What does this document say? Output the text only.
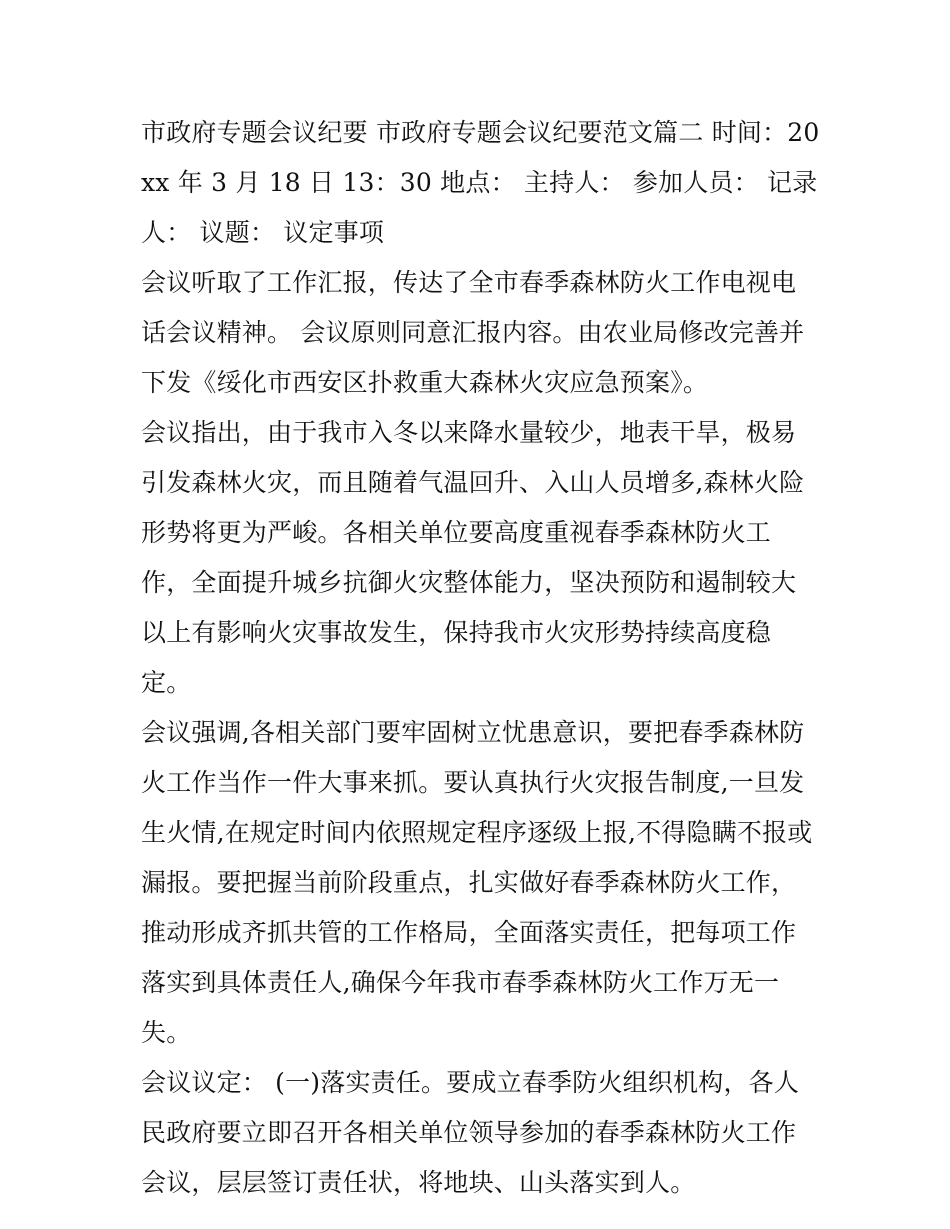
市政府专题会议纪要 市政府专题会议纪要范文篇二 时间：20xx 年 3 月 18 日 13：30 地点： 主持人： 参加人员： 记录人： 议题： 议定事项

会议听取了工作汇报，传达了全市春季森林防火工作电视电话会议精神。 会议原则同意汇报内容。由农业局修改完善并下发《绥化市西安区扑救重大森林火灾应急预案》。

会议指出，由于我市入冬以来降水量较少，地表干旱，极易引发森林火灾，而且随着气温回升、入山人员增多,森林火险形势将更为严峻。各相关单位要高度重视春季森林防火工作，全面提升城乡抗御火灾整体能力，坚决预防和遏制较大以上有影响火灾事故发生，保持我市火灾形势持续高度稳定。

会议强调,各相关部门要牢固树立忧患意识，要把春季森林防火工作当作一件大事来抓。要认真执行火灾报告制度,一旦发生火情,在规定时间内依照规定程序逐级上报,不得隐瞒不报或漏报。要把握当前阶段重点，扎实做好春季森林防火工作，推动形成齐抓共管的工作格局，全面落实责任，把每项工作落实到具体责任人,确保今年我市春季森林防火工作万无一失。

会议议定： (一)落实责任。要成立春季防火组织机构，各人民政府要立即召开各相关单位领导参加的春季森林防火工作会议，层层签订责任状，将地块、山头落实到人。
